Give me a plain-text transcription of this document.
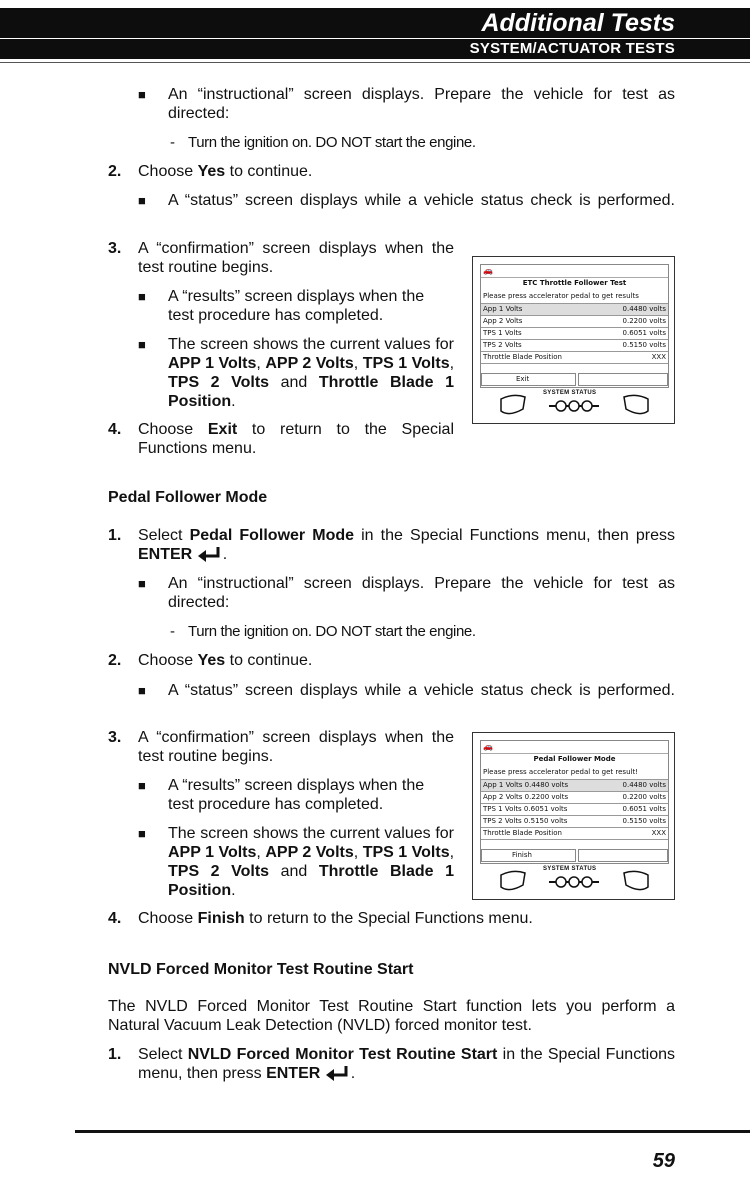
Additional Tests
SYSTEM/ACTUATOR TESTS
■ An “instructional” screen displays. Prepare the vehicle for test as directed:
- Turn the ignition on. DO NOT start the engine.
2. Choose Yes to continue.
■ A “status” screen displays while a vehicle status check is performed.
3. A “confirmation” screen displays when the test routine begins.
■ A “results” screen displays when the test procedure has completed.
■ The screen shows the current values for APP 1 Volts, APP 2 Volts, TPS 1 Volts, TPS 2 Volts and Throttle Blade 1 Position.
4. Choose Exit to return to the Special Functions menu.
🚗
ETC Throttle Follower Test
Please press accelerator pedal to get results
App 1 Volts	0.4480 volts
App 2 Volts	0.2200 volts
TPS 1 Volts	0.6051 volts
TPS 2 Volts	0.5150 volts
Throttle Blade Position	XXX
Exit
SYSTEM STATUS
Pedal Follower Mode
1. Select Pedal Follower Mode in the Special Functions menu, then press ENTER .
■ An “instructional” screen displays. Prepare the vehicle for test as directed:
- Turn the ignition on. DO NOT start the engine.
2. Choose Yes to continue.
■ A “status” screen displays while a vehicle status check is performed.
3. A “confirmation” screen displays when the test routine begins.
■ A “results” screen displays when the test procedure has completed.
■ The screen shows the current values for APP 1 Volts, APP 2 Volts, TPS 1 Volts, TPS 2 Volts and Throttle Blade 1 Position.
4. Choose Finish to return to the Special Functions menu.
🚗
Pedal Follower Mode
Please press accelerator pedal to get result!
App 1 Volts 0.4480 volts	0.4480 volts
App 2 Volts 0.2200 volts	0.2200 volts
TPS 1 Volts 0.6051 volts	0.6051 volts
TPS 2 Volts 0.5150 volts	0.5150 volts
Throttle Blade Position	XXX
Finish
SYSTEM STATUS
NVLD Forced Monitor Test Routine Start
The NVLD Forced Monitor Test Routine Start function lets you perform a Natural Vacuum Leak Detection (NVLD) forced monitor test.
1. Select NVLD Forced Monitor Test Routine Start in the Special Functions menu, then press ENTER .
59
